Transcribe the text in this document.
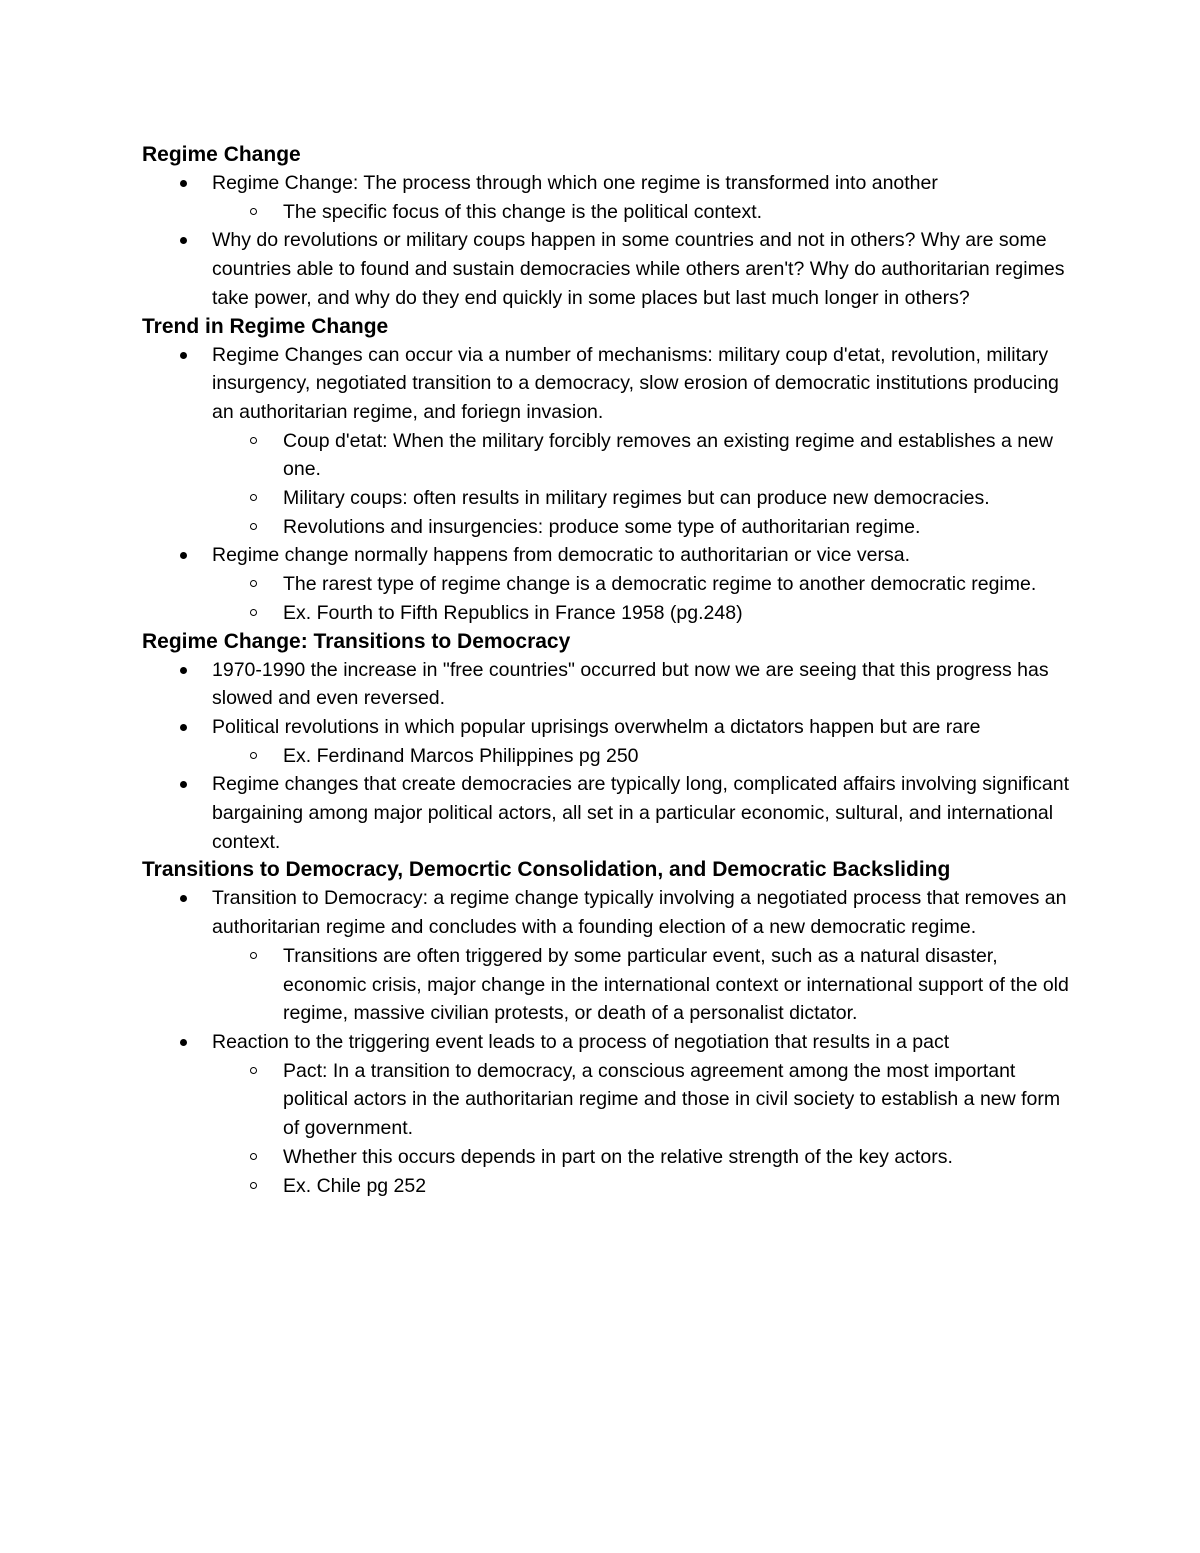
Regime Change
Regime Change: The process through which one regime is transformed into another
The specific focus of this change is the political context.
Why do revolutions or military coups happen in some countries and not in others? Why are some countries able to found and sustain democracies while others aren't? Why do authoritarian regimes take power, and why do they end quickly in some places but last much longer in others?
Trend in Regime Change
Regime Changes can occur via a number of mechanisms: military coup d'etat, revolution, military insurgency, negotiated transition to a democracy, slow erosion of democratic institutions producing an authoritarian regime, and foriegn invasion.
Coup d'etat: When the military forcibly removes an existing regime and establishes a new one.
Military coups: often results in military regimes but can produce new democracies.
Revolutions and insurgencies: produce some type of authoritarian regime.
Regime change normally happens from democratic to authoritarian or vice versa.
The rarest type of regime change is a democratic regime to another democratic regime.
Ex. Fourth to Fifth Republics in France 1958 (pg.248)
Regime Change: Transitions to Democracy
1970-1990 the increase in "free countries" occurred but now we are seeing that this progress has slowed and even reversed.
Political revolutions in which popular uprisings overwhelm a dictators happen but are rare
Ex. Ferdinand Marcos Philippines pg 250
Regime changes that create democracies are typically long, complicated affairs involving significant bargaining among major political actors, all set in a particular economic, sultural, and international context.
Transitions to Democracy, Democrtic Consolidation, and Democratic Backsliding
Transition to Democracy: a regime change typically involving a negotiated process that removes an authoritarian regime and concludes with a founding election of a new democratic regime.
Transitions are often triggered by some particular event, such as a natural disaster, economic crisis, major change in the international context or international support of the old regime, massive civilian protests, or death of a personalist dictator.
Reaction to the triggering event leads to a process of negotiation that results in a pact
Pact: In a transition to democracy, a conscious agreement among the most important political actors in the authoritarian regime and those in civil society to establish a new form of government.
Whether this occurs depends in part on the relative strength of the key actors.
Ex. Chile pg 252
